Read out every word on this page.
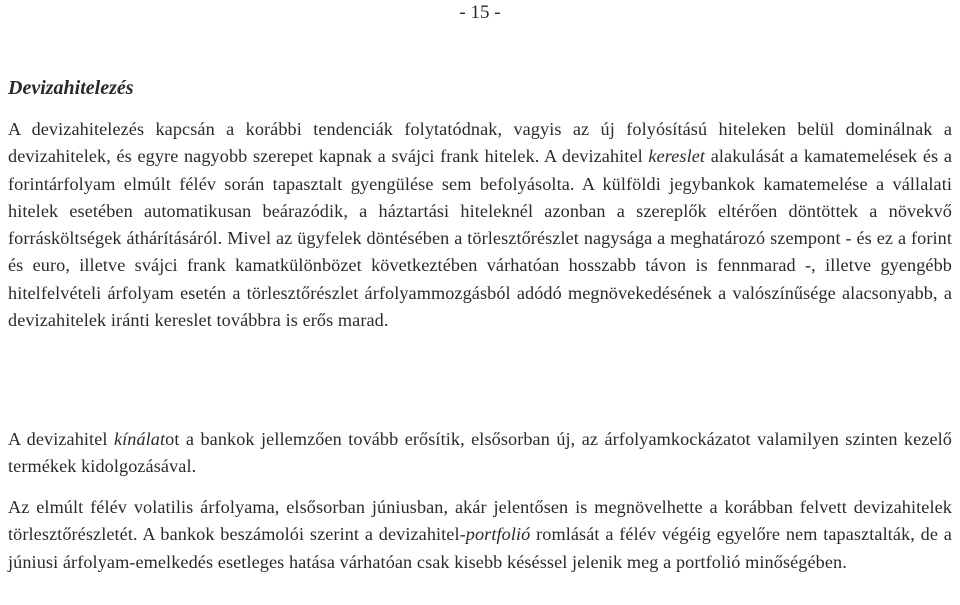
- 15 -
Devizahitelezés

A devizahitelezés kapcsán a korábbi tendenciák folytatódnak, vagyis az új folyósítású hiteleken belül dominálnak a devizahitelek, és egyre nagyobb szerepet kapnak a svájci frank hitelek. A devizahitel kereslet alakulását a kamatemelések és a forintárfolyam elmúlt félév során tapasztalt gyengülése sem befolyásolta. A külföldi jegybankok kamatemelése a vállalati hitelek esetében automatikusan beárazódik, a háztartási hiteleknél azonban a szereplők eltérően döntöttek a növekvő forrásköltségek áthárításáról. Mivel az ügyfelek döntésében a törlesztőrészlet nagysága a meghatározó szempont - és ez a forint és euro, illetve svájci frank kamatkülönbözet következtében várhatóan hosszabb távon is fennmarad -, illetve gyengébb hitelfelvételi árfolyam esetén a törlesztőrészlet árfolyammozgásból adódó megnövekedésének a valószínűsége alacsonyabb, a devizahitelek iránti kereslet továbbra is erős marad.

A devizahitel kínálatot a bankok jellemzően tovább erősítik, elsősorban új, az árfolyamkockázatot valamilyen szinten kezelő termékek kidolgozásával.

Az elmúlt félév volatilis árfolyama, elsősorban júniusban, akár jelentősen is megnövelhette a korábban felvett devizahitelek törlesztőrészletét. A bankok beszámolói szerint a devizahitel-portfolió romlását a félév végéig egyelőre nem tapasztalták, de a júniusi árfolyam-emelkedés esetleges hatása várhatóan csak kisebb késéssel jelenik meg a portfolió minőségében.
